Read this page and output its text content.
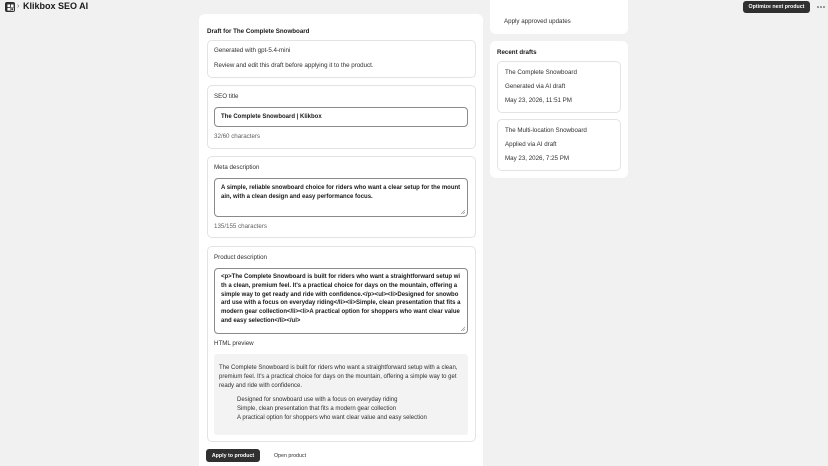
› Klikbox SEO AI	Optimize next product
Draft for The Complete Snowboard
Generated with gpt-5.4-mini
Review and edit this draft before applying it to the product.
SEO title
The Complete Snowboard | Klikbox
32/60 characters
Meta description
A simple, reliable snowboard choice for riders who want a clear setup for the mountain, with a clean design and easy performance focus.
135/155 characters
Product description
<p>The Complete Snowboard is built for riders who want a straightforward setup with a clean, premium feel. It's a practical choice for days on the mountain, offering a simple way to get ready and ride with confidence.</p><ul><li>Designed for snowboard use with a focus on everyday riding</li><li>Simple, clean presentation that fits a modern gear collection</li><li>A practical option for shoppers who want clear value and easy selection</li></ul>
HTML preview
The Complete Snowboard is built for riders who want a straightforward setup with a clean, premium feel. It's a practical choice for days on the mountain, offering a simple way to get ready and ride with confidence.
Designed for snowboard use with a focus on everyday riding
Simple, clean presentation that fits a modern gear collection
A practical option for shoppers who want clear value and easy selection
Apply to product	Open product
Apply approved updates
Recent drafts
The Complete Snowboard
Generated via AI draft
May 23, 2026, 11:51 PM
The Multi-location Snowboard
Applied via AI draft
May 23, 2026, 7:25 PM
